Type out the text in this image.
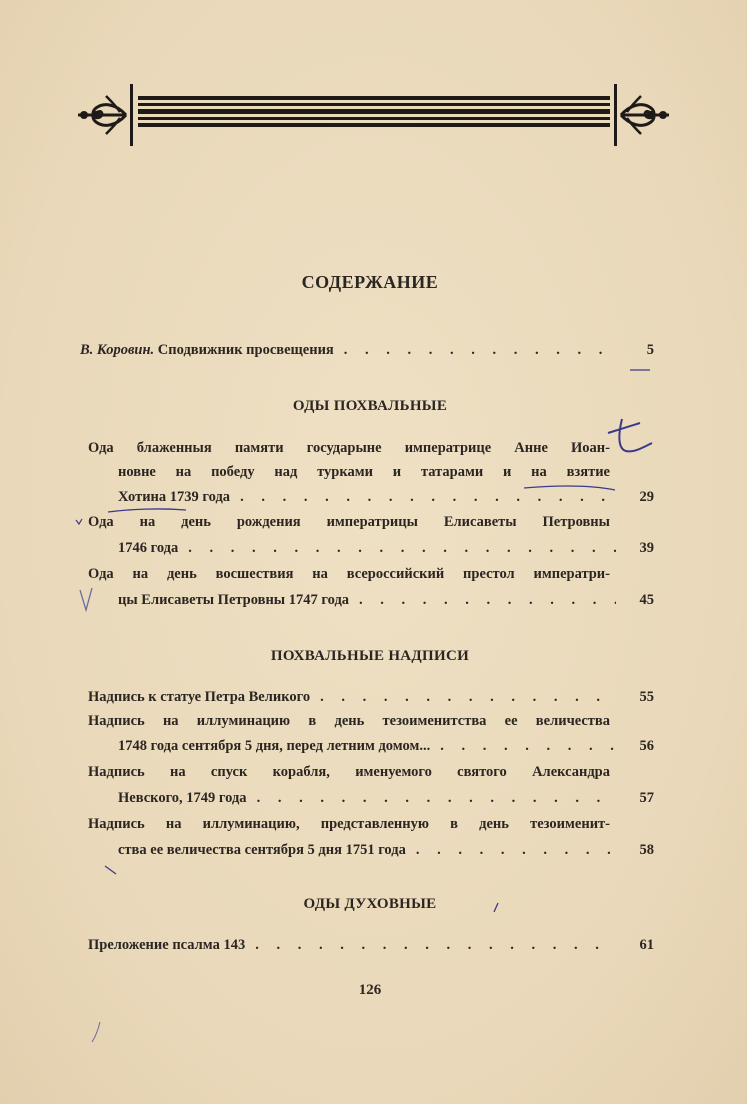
СОДЕРЖАНИЕ
В. Коровин. Сподвижник просвещения . . .	5
ОДЫ ПОХВАЛЬНЫЕ
Ода блаженныя памяти государыне императрице Анне Иоан-
новне на победу над турками и татарами и на взятие
Хотина 1739 года . . .	29
Ода на день рождения императрицы Елисаветы Петровны
1746 года . . .	39
Ода на день восшествия на всероссийский престол императри-
цы Елисаветы Петровны 1747 года . . .	45
ПОХВАЛЬНЫЕ НАДПИСИ
Надпись к статуе Петра Великого . . .	55
Надпись на иллуминацию в день тезоименитства ее величества
1748 года сентября 5 дня, перед летним домом... . . .	56
Надпись на спуск корабля, именуемого святого Александра
Невского, 1749 года . . .	57
Надпись на иллуминацию, представленную в день тезоименит-
ства ее величества сентября 5 дня 1751 года . . .	58
ОДЫ ДУХОВНЫЕ
Преложение псалма 143 . . .	61
126
